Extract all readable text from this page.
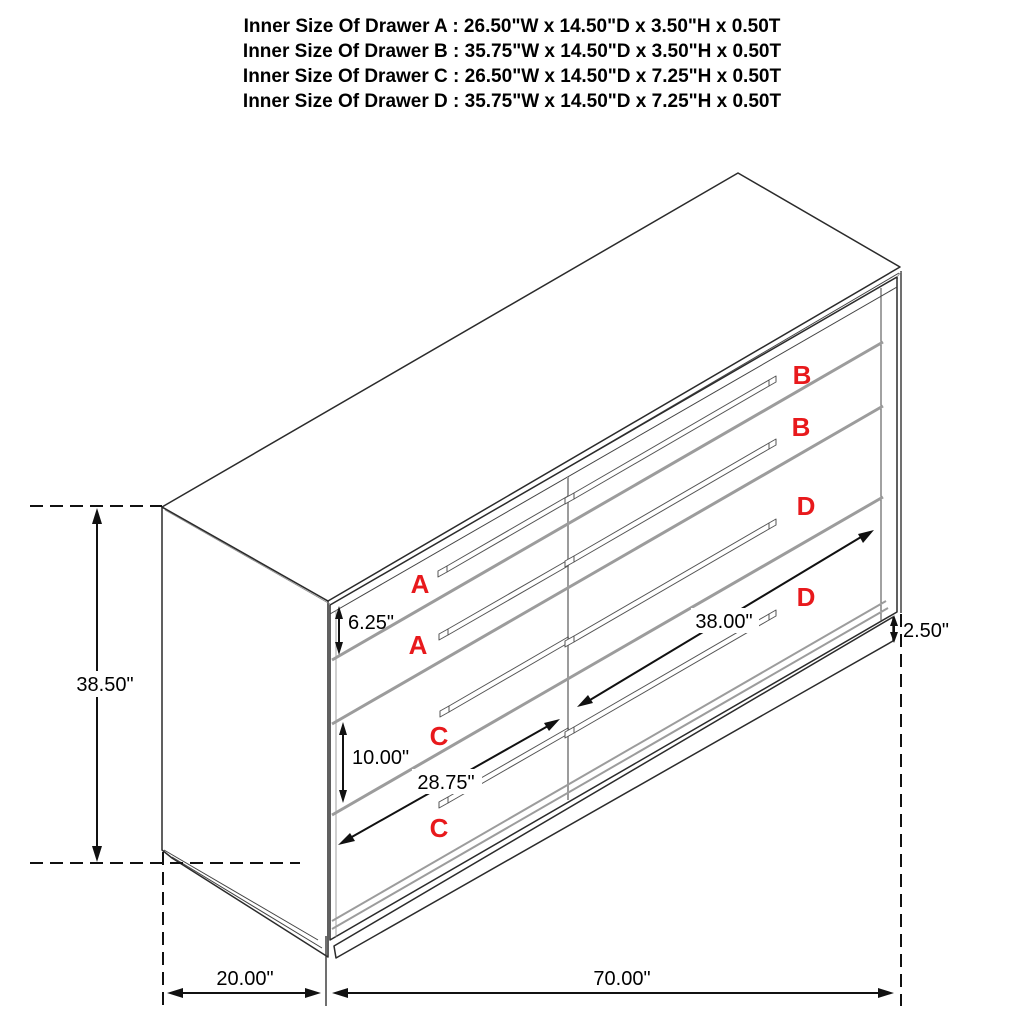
Inner Size Of Drawer A : 26.50"W x 14.50"D x 3.50"H x 0.50T
Inner Size Of Drawer B : 35.75"W x 14.50"D x 3.50"H x 0.50T
Inner Size Of Drawer C : 26.50"W x 14.50"D x 7.25"H x 0.50T
Inner Size Of Drawer D : 35.75"W x 14.50"D x 7.25"H x 0.50T
A
A
B
B
C
C
D
D
38.50"
6.25"
10.00"
2.50"
28.75"
38.00"
20.00"	70.00"
